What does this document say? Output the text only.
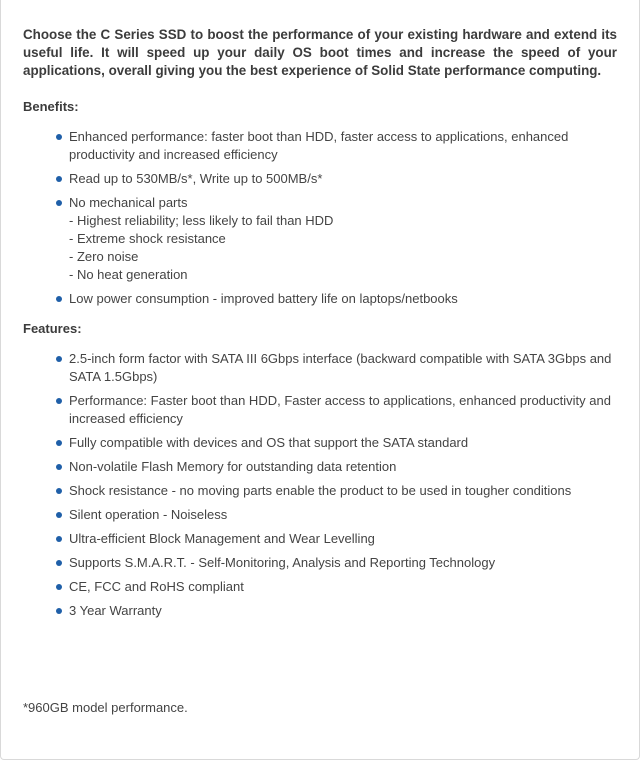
Choose the C Series SSD to boost the performance of your existing hardware and extend its useful life. It will speed up your daily OS boot times and increase the speed of your applications, overall giving you the best experience of Solid State performance computing.

Benefits:

Enhanced performance: faster boot than HDD, faster access to applications, enhanced productivity and increased efficiency
Read up to 530MB/s*, Write up to 500MB/s*
No mechanical parts
- Highest reliability; less likely to fail than HDD
- Extreme shock resistance
- Zero noise
- No heat generation
Low power consumption - improved battery life on laptops/netbooks

Features:

2.5-inch form factor with SATA III 6Gbps interface (backward compatible with SATA 3Gbps and SATA 1.5Gbps)
Performance: Faster boot than HDD, Faster access to applications, enhanced productivity and increased efficiency
Fully compatible with devices and OS that support the SATA standard
Non-volatile Flash Memory for outstanding data retention
Shock resistance - no moving parts enable the product to be used in tougher conditions
Silent operation - Noiseless
Ultra-efficient Block Management and Wear Levelling
Supports S.M.A.R.T. - Self-Monitoring, Analysis and Reporting Technology
CE, FCC and RoHS compliant
3 Year Warranty

*960GB model performance.
